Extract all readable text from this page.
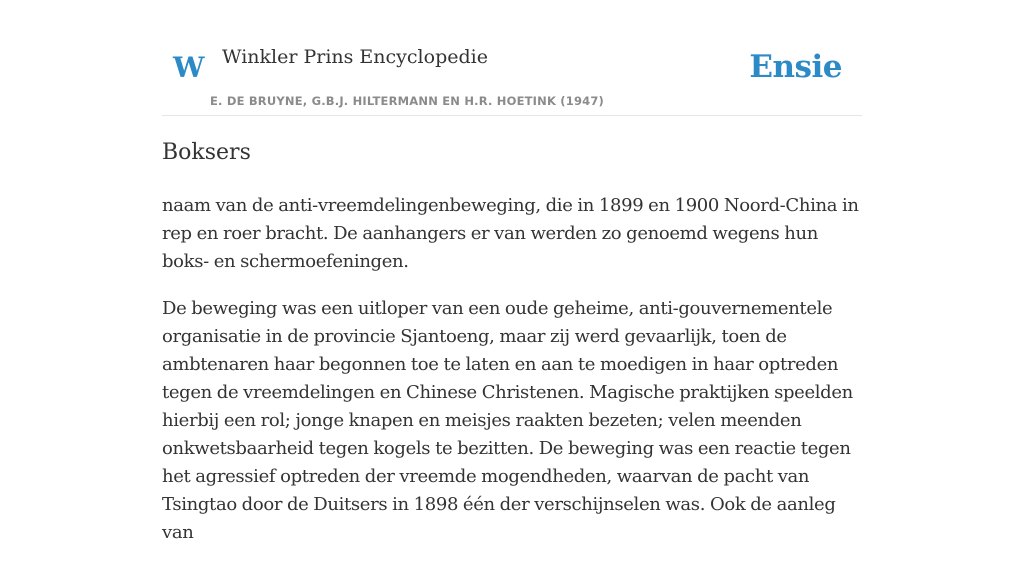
W Winkler Prins Encyclopedie
E. DE BRUYNE, G.B.J. HILTERMANN EN H.R. HOETINK (1947)
Ensie
Boksers

naam van de anti-vreemdelingenbeweging, die in 1899 en 1900 Noord-China in rep en roer bracht. De aanhangers er van werden zo genoemd wegens hun boks- en schermoefeningen.

De beweging was een uitloper van een oude geheime, anti-gouvernementele organisatie in de provincie Sjantoeng, maar zij werd gevaarlijk, toen de ambtenaren haar begonnen toe te laten en aan te moedigen in haar optreden tegen de vreemdelingen en Chinese Christenen. Magische praktijken speelden hierbij een rol; jonge knapen en meisjes raakten bezeten; velen meenden onkwetsbaarheid tegen kogels te bezitten. De beweging was een reactie tegen het agressief optreden der vreemde mogendheden, waarvan de pacht van Tsingtao door de Duitsers in 1898 één der verschijnselen was. Ook de aanleg van
